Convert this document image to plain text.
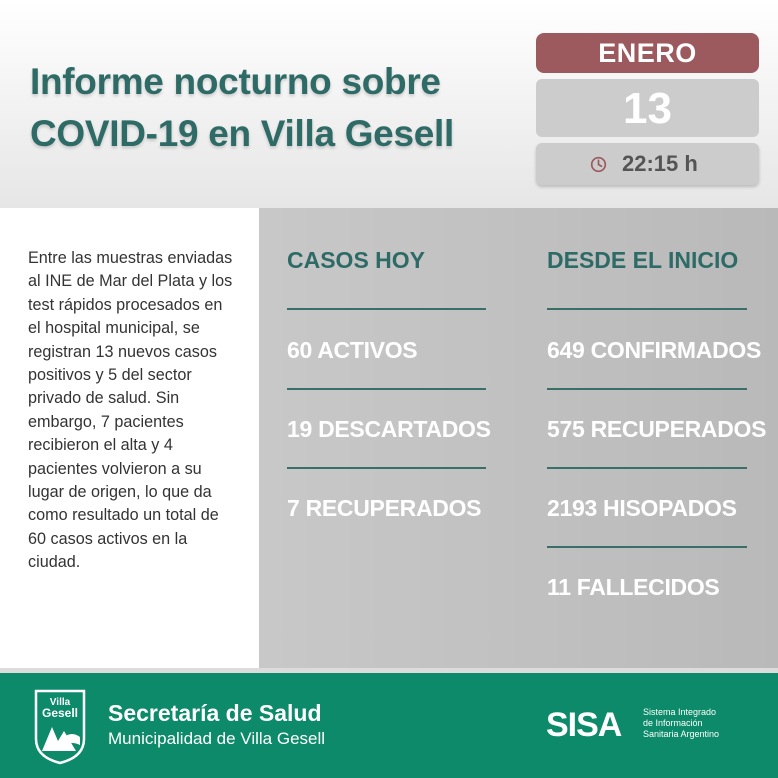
Informe nocturno sobre
COVID-19 en Villa Gesell
ENERO
13
22:15 h
Entre las muestras enviadas
al INE de Mar del Plata y los
test rápidos procesados en
el hospital municipal, se
registran 13 nuevos casos
positivos y 5 del sector
privado de salud. Sin
embargo, 7 pacientes
recibieron el alta y 4
pacientes volvieron a su
lugar de origen, lo que da
como resultado un total de
60 casos activos en la
ciudad.
CASOS HOY
60 ACTIVOS
19 DESCARTADOS
7 RECUPERADOS
DESDE EL INICIO
649 CONFIRMADOS
575 RECUPERADOS
2193 HISOPADOS
11 FALLECIDOS
Villa
Gesell Secretaría de Salud
Municipalidad de Villa Gesell	SISA Sistema Integrado
de Información
Sanitaria Argentino
